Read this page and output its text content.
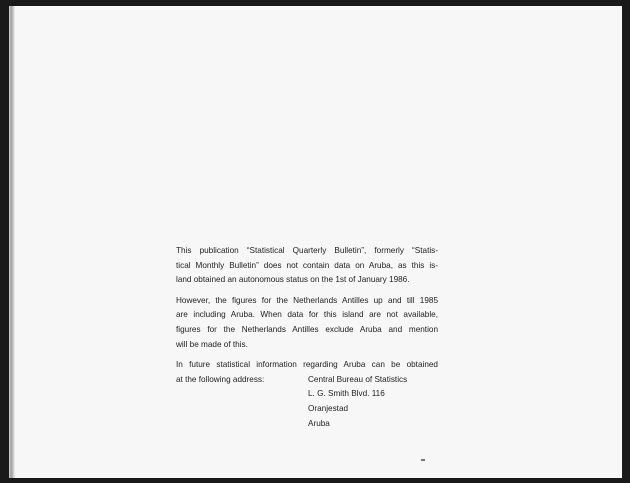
This publication “Statistical Quarterly Bulletin”, formerly “Statis-
tical Monthly Bulletin” does not contain data on Aruba, as this is-
land obtained an autonomous status on the 1st of January 1986.
However, the figures for the Netherlands Antilles up and till 1985
are including Aruba. When data for this island are not available,
figures for the Netherlands Antilles exclude Aruba and mention
will be made of this.
In future statistical information regarding Aruba can be obtained
at the following address:	Central Bureau of Statistics
L. G. Smith Blvd. 116
Oranjestad
Aruba
